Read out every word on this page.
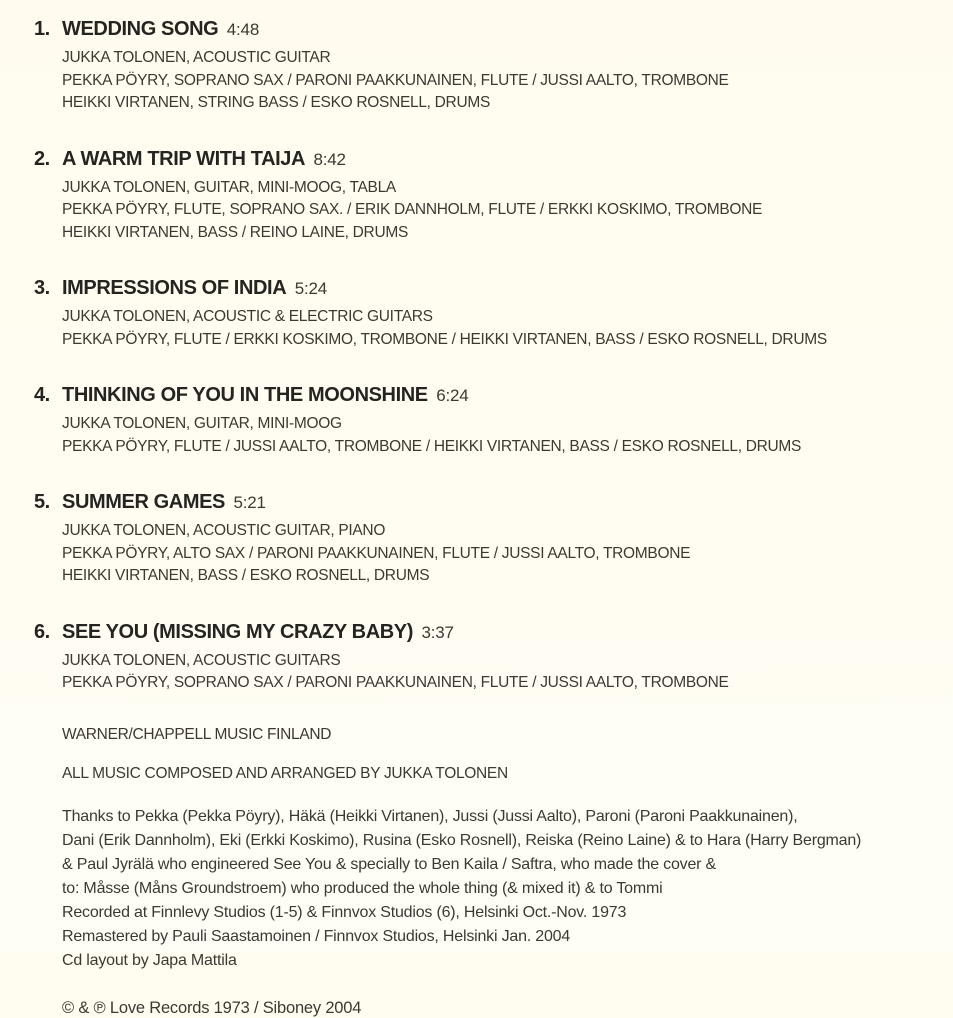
1. WEDDING SONG 4:48
JUKKA TOLONEN, ACOUSTIC GUITAR
PEKKA PÖYRY, SOPRANO SAX / PARONI PAAKKUNAINEN, FLUTE / JUSSI AALTO, TROMBONE
HEIKKI VIRTANEN, STRING BASS / ESKO ROSNELL, DRUMS
2. A WARM TRIP WITH TAIJA 8:42
JUKKA TOLONEN, GUITAR, MINI-MOOG, TABLA
PEKKA PÖYRY, FLUTE, SOPRANO SAX. / ERIK DANNHOLM, FLUTE / ERKKI KOSKIMO, TROMBONE
HEIKKI VIRTANEN, BASS / REINO LAINE, DRUMS
3. IMPRESSIONS OF INDIA 5:24
JUKKA TOLONEN, ACOUSTIC & ELECTRIC GUITARS
PEKKA PÖYRY, FLUTE / ERKKI KOSKIMO, TROMBONE / HEIKKI VIRTANEN, BASS / ESKO ROSNELL, DRUMS
4. THINKING OF YOU IN THE MOONSHINE 6:24
JUKKA TOLONEN, GUITAR, MINI-MOOG
PEKKA PÖYRY, FLUTE / JUSSI AALTO, TROMBONE / HEIKKI VIRTANEN, BASS / ESKO ROSNELL, DRUMS
5. SUMMER GAMES 5:21
JUKKA TOLONEN, ACOUSTIC GUITAR, PIANO
PEKKA PÖYRY, ALTO SAX / PARONI PAAKKUNAINEN, FLUTE / JUSSI AALTO, TROMBONE
HEIKKI VIRTANEN, BASS / ESKO ROSNELL, DRUMS
6. SEE YOU (MISSING MY CRAZY BABY) 3:37
JUKKA TOLONEN, ACOUSTIC GUITARS
PEKKA PÖYRY, SOPRANO SAX / PARONI PAAKKUNAINEN, FLUTE / JUSSI AALTO, TROMBONE
WARNER/CHAPPELL MUSIC FINLAND
ALL MUSIC COMPOSED AND ARRANGED BY JUKKA TOLONEN
Thanks to Pekka (Pekka Pöyry), Häkä (Heikki Virtanen), Jussi (Jussi Aalto), Paroni (Paroni Paakkunainen),
Dani (Erik Dannholm), Eki (Erkki Koskimo), Rusina (Esko Rosnell), Reiska (Reino Laine) & to Hara (Harry Bergman)
& Paul Jyrälä who engineered See You & specially to Ben Kaila / Saftra, who made the cover &
to: Måsse (Måns Groundstroem) who produced the whole thing (& mixed it) & to Tommi
Recorded at Finnlevy Studios (1-5) & Finnvox Studios (6), Helsinki Oct.-Nov. 1973
Remastered by Pauli Saastamoinen / Finnvox Studios, Helsinki Jan. 2004
Cd layout by Japa Mattila
© & ℗ Love Records 1973 / Siboney 2004
